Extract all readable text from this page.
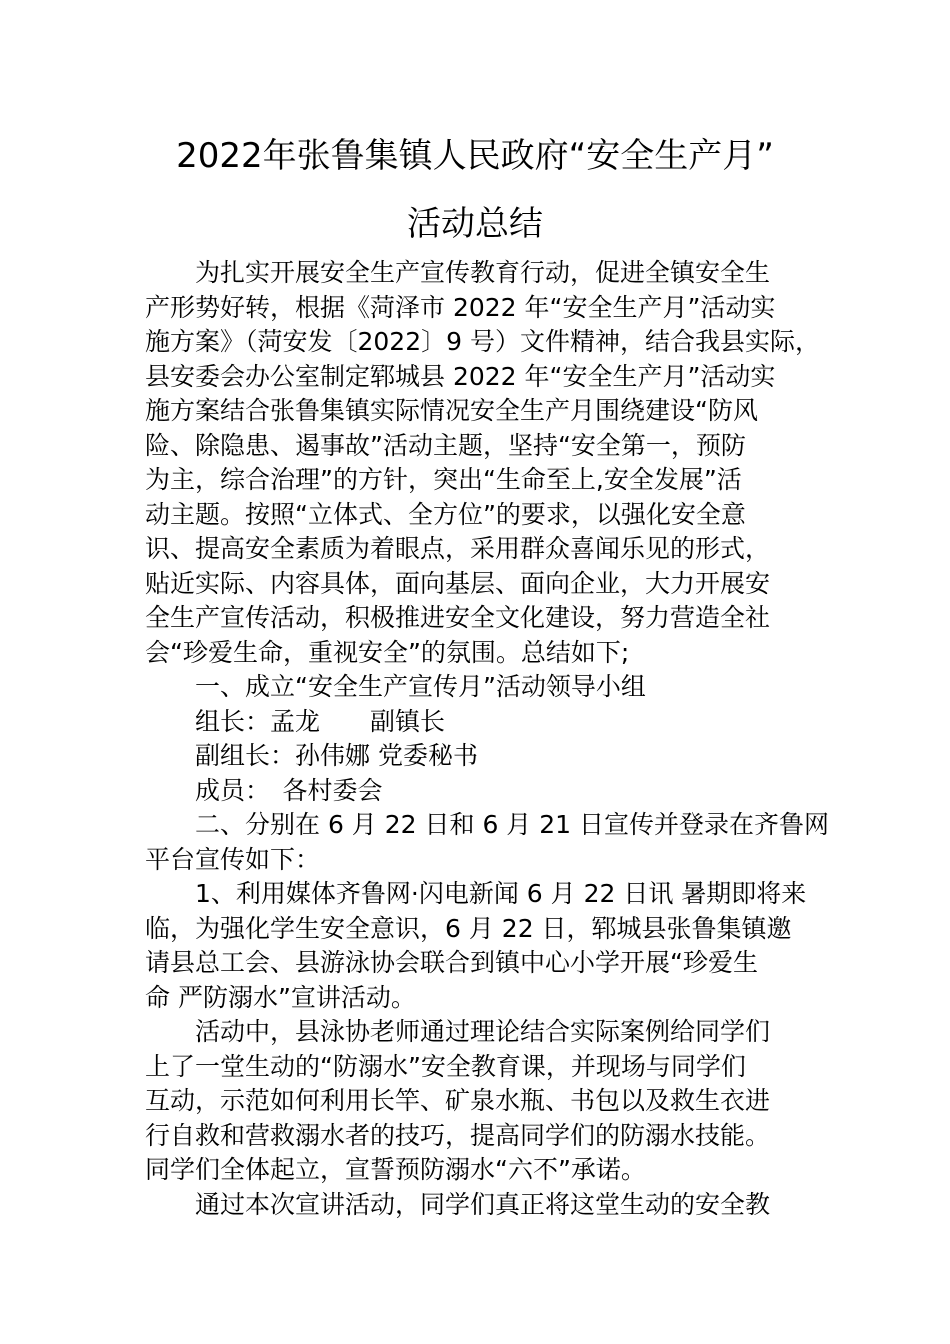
2022年张鲁集镇人民政府“安全生产月”
活动总结
为扎实开展安全生产宣传教育行动，促进全镇安全生
产形势好转，根据《菏泽市 2022 年“安全生产月”活动实
施方案》（菏安发〔2022〕9 号）文件精神，结合我县实际，
县安委会办公室制定郓城县 2022 年“安全生产月”活动实
施方案结合张鲁集镇实际情况安全生产月围绕建设“防风
险、除隐患、遏事故”活动主题，坚持“安全第一，预防
为主，综合治理”的方针，突出“生命至上,安全发展”活
动主题。按照“立体式、全方位”的要求，以强化安全意
识、提高安全素质为着眼点，采用群众喜闻乐见的形式，
贴近实际、内容具体，面向基层、面向企业，大力开展安
全生产宣传活动，积极推进安全文化建设，努力营造全社
会“珍爱生命，重视安全”的氛围。总结如下;
一、成立“安全生产宣传月”活动领导小组
组长：孟龙　　副镇长
副组长：孙伟娜 党委秘书
成员：　各村委会
二、分别在 6 月 22 日和 6 月 21 日宣传并登录在齐鲁网
平台宣传如下：
1、利用媒体齐鲁网·闪电新闻 6 月 22 日讯 暑期即将来
临，为强化学生安全意识，6 月 22 日，郓城县张鲁集镇邀
请县总工会、县游泳协会联合到镇中心小学开展“珍爱生
命 严防溺水”宣讲活动。
活动中，县泳协老师通过理论结合实际案例给同学们
上了一堂生动的“防溺水”安全教育课，并现场与同学们
互动，示范如何利用长竿、矿泉水瓶、书包以及救生衣进
行自救和营救溺水者的技巧，提高同学们的防溺水技能。
同学们全体起立，宣誓预防溺水“六不”承诺。
通过本次宣讲活动，同学们真正将这堂生动的安全教
